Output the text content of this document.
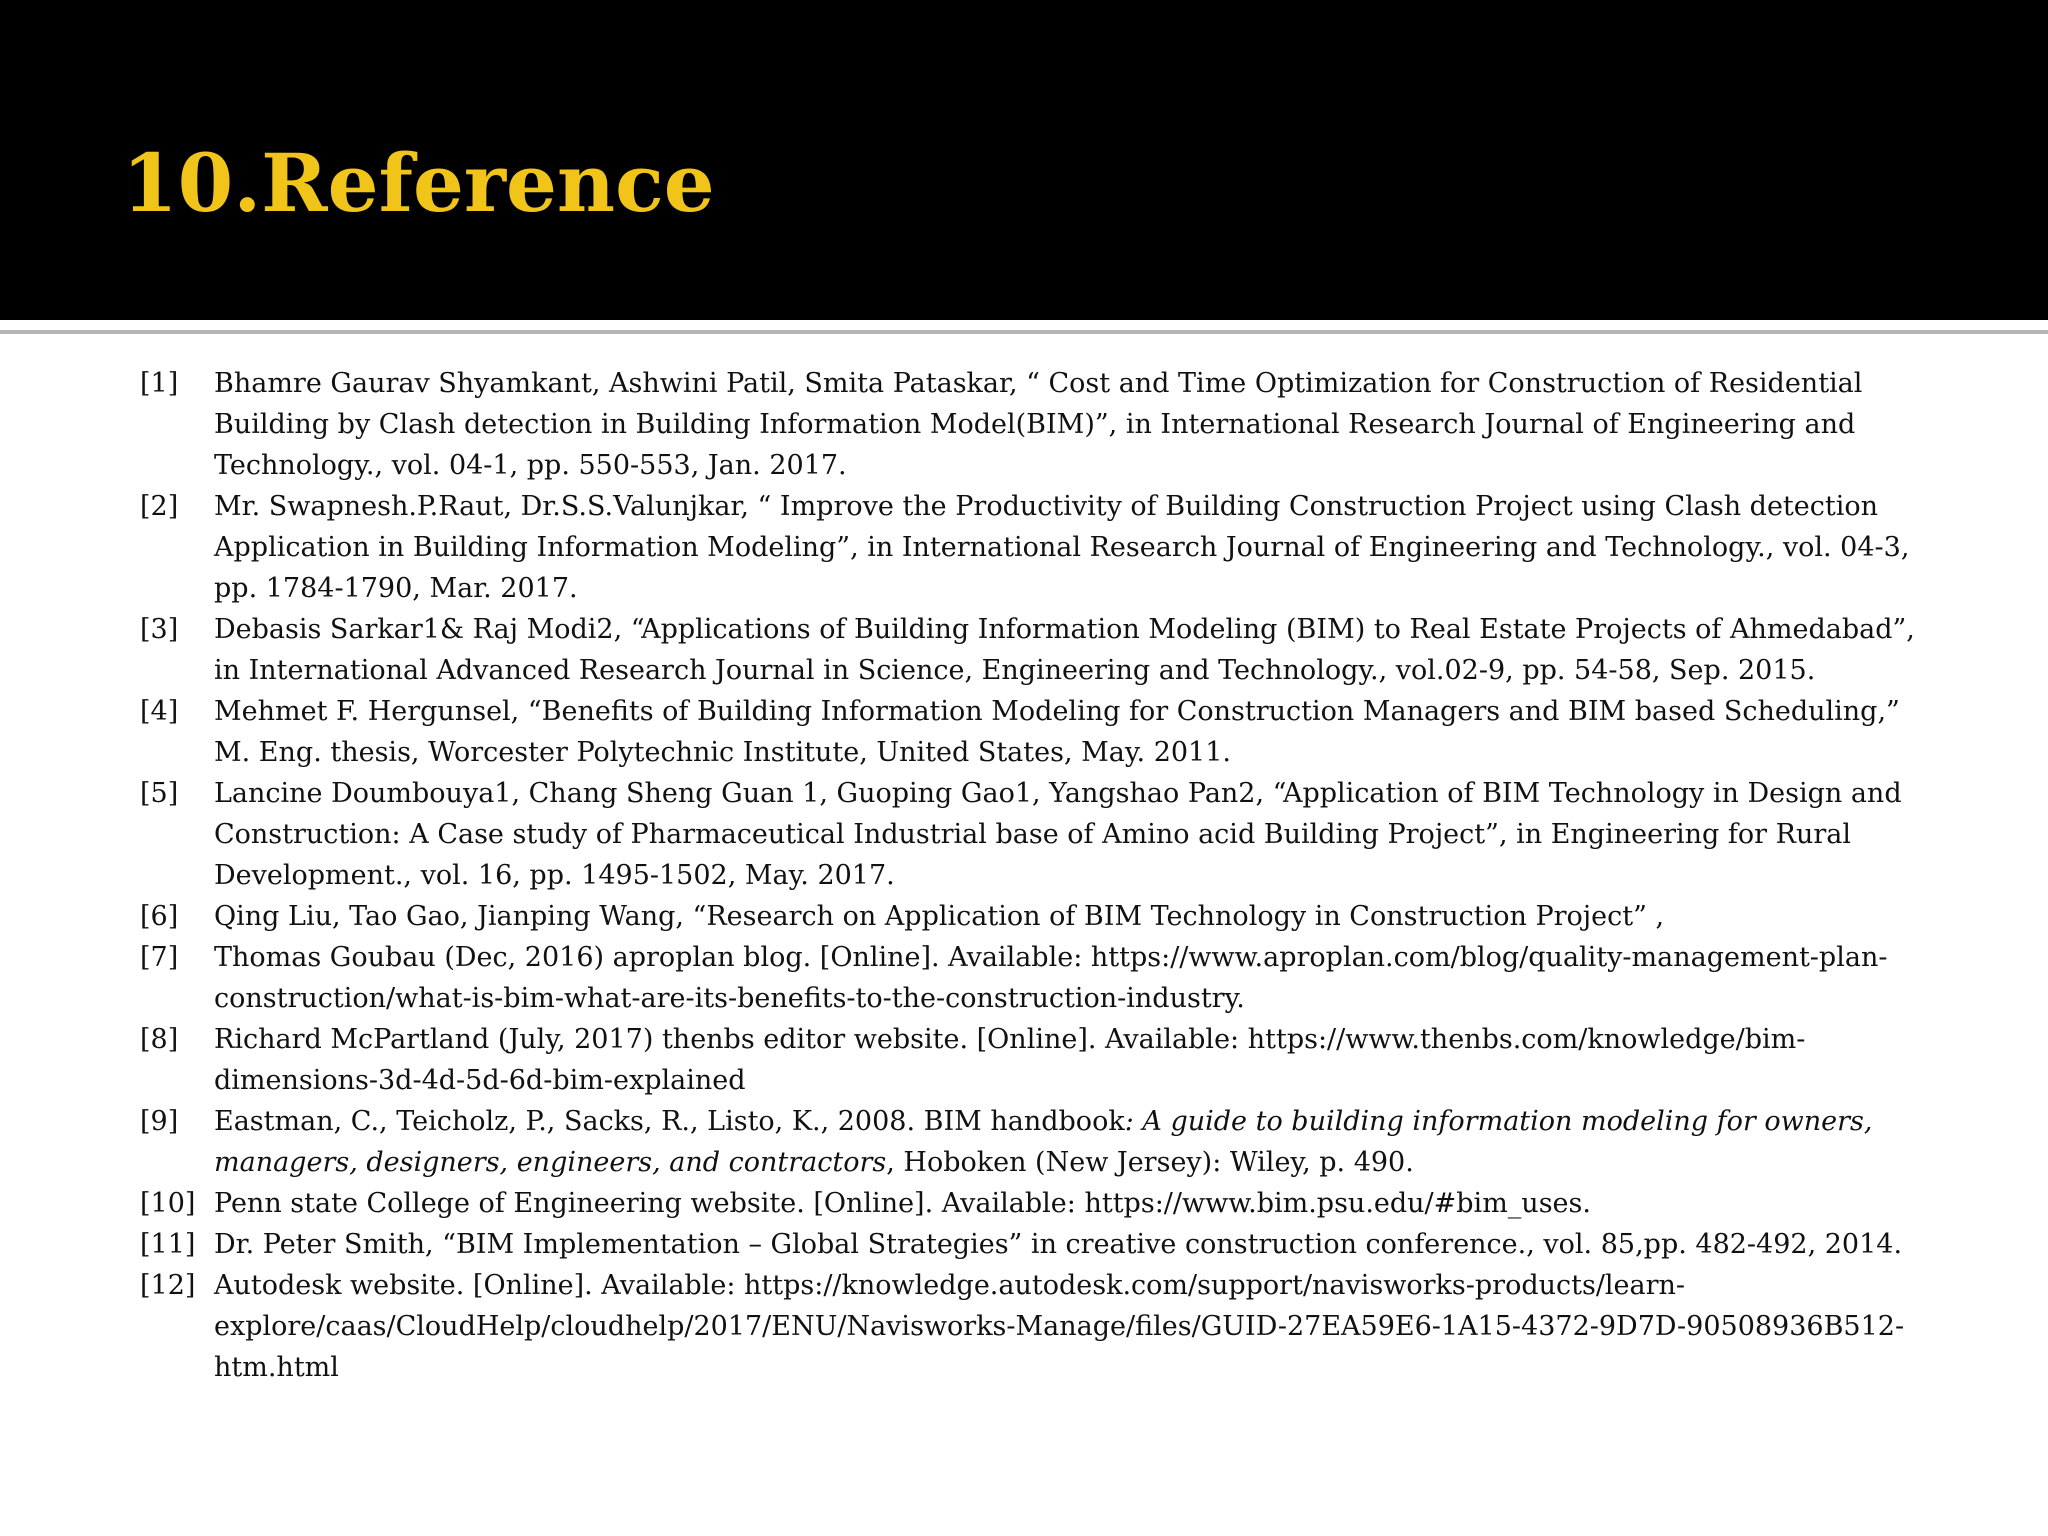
10.Reference
[1] Bhamre Gaurav Shyamkant, Ashwini Patil, Smita Pataskar, “ Cost and Time Optimization for Construction of Residential Building by Clash detection in Building Information Model(BIM)”, in International Research Journal of Engineering and Technology., vol. 04-1, pp. 550-553, Jan. 2017.
[2] Mr. Swapnesh.P.Raut, Dr.S.S.Valunjkar, “ Improve the Productivity of Building Construction Project using Clash detection Application in Building Information Modeling”, in International Research Journal of Engineering and Technology., vol. 04-3, pp. 1784-1790, Mar. 2017.
[3] Debasis Sarkar1& Raj Modi2, “Applications of Building Information Modeling (BIM) to Real Estate Projects of Ahmedabad”, in International Advanced Research Journal in Science, Engineering and Technology., vol.02-9, pp. 54-58, Sep. 2015.
[4] Mehmet F. Hergunsel, “Benefits of Building Information Modeling for Construction Managers and BIM based Scheduling,” M. Eng. thesis, Worcester Polytechnic Institute, United States, May. 2011.
[5] Lancine Doumbouya1, Chang Sheng Guan 1, Guoping Gao1, Yangshao Pan2, “Application of BIM Technology in Design and Construction: A Case study of Pharmaceutical Industrial base of Amino acid Building Project”, in Engineering for Rural Development., vol. 16, pp. 1495-1502, May. 2017.
[6] Qing Liu, Tao Gao, Jianping Wang, “Research on Application of BIM Technology in Construction Project” ,
[7] Thomas Goubau (Dec, 2016) aproplan blog. [Online]. Available: https://www.aproplan.com/blog/quality-management-plan-construction/what-is-bim-what-are-its-benefits-to-the-construction-industry.
[8] Richard McPartland (July, 2017) thenbs editor website. [Online]. Available: https://www.thenbs.com/knowledge/bim-dimensions-3d-4d-5d-6d-bim-explained
[9] Eastman, C., Teicholz, P., Sacks, R., Listo, K., 2008. BIM handbook: A guide to building information modeling for owners, managers, designers, engineers, and contractors, Hoboken (New Jersey): Wiley, p. 490.
[10] Penn state College of Engineering website. [Online]. Available: https://www.bim.psu.edu/#bim_uses.
[11] Dr. Peter Smith, “BIM Implementation – Global Strategies” in creative construction conference., vol. 85,pp. 482-492, 2014.
[12] Autodesk website. [Online]. Available: https://knowledge.autodesk.com/support/navisworks-products/learn-explore/caas/CloudHelp/cloudhelp/2017/ENU/Navisworks-Manage/files/GUID-27EA59E6-1A15-4372-9D7D-90508936B512-htm.html
